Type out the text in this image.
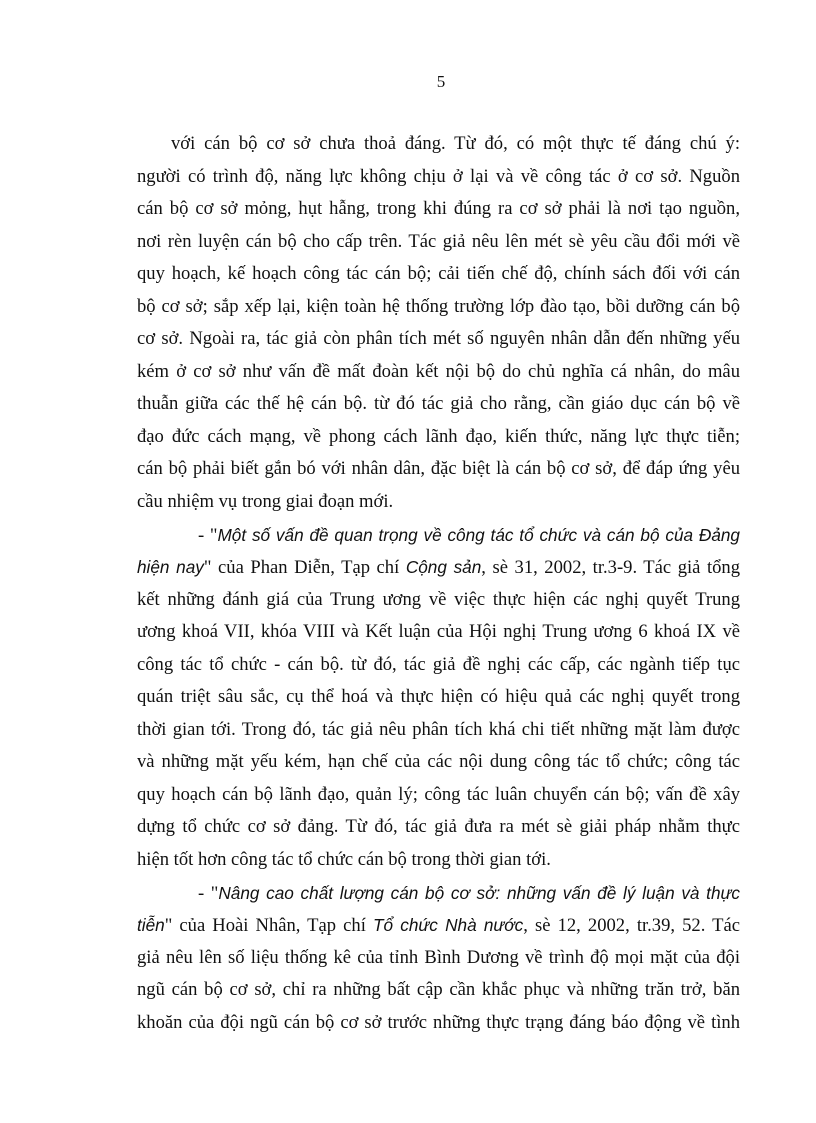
5
với cán bộ cơ sở chưa thoả đáng. Từ đó, có một thực tế đáng chú ý:
người có trình độ, năng lực không chịu ở lại và về công tác ở cơ sở. Nguồn
cán bộ cơ sở mỏng, hụt hẫng, trong khi đúng ra cơ sở phải là nơi tạo nguồn,
nơi rèn luyện cán bộ cho cấp trên. Tác giả nêu lên mét sè yêu cầu đổi mới về
quy hoạch, kế hoạch công tác cán bộ; cải tiến chế độ, chính sách đối với cán
bộ cơ sở; sắp xếp lại, kiện toàn hệ thống trường lớp đào tạo, bồi dưỡng cán bộ
cơ sở. Ngoài ra, tác giả còn phân tích mét số nguyên nhân dẫn đến những yếu
kém ở cơ sở như vấn đề mất đoàn kết nội bộ do chủ nghĩa cá nhân, do mâu
thuẫn giữa các thế hệ cán bộ. từ đó tác giả cho rằng, cần giáo dục cán bộ về
đạo đức cách mạng, về phong cách lãnh đạo, kiến thức, năng lực thực tiễn;
cán bộ phải biết gắn bó với nhân dân, đặc biệt là cán bộ cơ sở, để đáp ứng yêu
cầu nhiệm vụ trong giai đoạn mới.
- "Một số vấn đề quan trọng về công tác tổ chức và cán bộ của Đảng
hiện nay" của Phan Diễn, Tạp chí Cộng sản, sè 31, 2002, tr.3-9. Tác giả tổng
kết những đánh giá của Trung ương về việc thực hiện các nghị quyết Trung
ương khoá VII, khóa VIII và Kết luận của Hội nghị Trung ương 6 khoá IX về
công tác tổ chức - cán bộ. từ đó, tác giả đề nghị các cấp, các ngành tiếp tục
quán triệt sâu sắc, cụ thể hoá và thực hiện có hiệu quả các nghị quyết trong
thời gian tới. Trong đó, tác giả nêu phân tích khá chi tiết những mặt làm được
và những mặt yếu kém, hạn chế của các nội dung công tác tổ chức; công tác
quy hoạch cán bộ lãnh đạo, quản lý; công tác luân chuyển cán bộ; vấn đề xây
dựng tổ chức cơ sở đảng. Từ đó, tác giả đưa ra mét sè giải pháp nhằm thực
hiện tốt hơn công tác tổ chức cán bộ trong thời gian tới.
- "Nâng cao chất lượng cán bộ cơ sở: những vấn đề lý luận và thực
tiễn" của Hoài Nhân, Tạp chí Tổ chức Nhà nước, sè 12, 2002, tr.39, 52. Tác
giả nêu lên số liệu thống kê của tỉnh Bình Dương về trình độ mọi mặt của đội
ngũ cán bộ cơ sở, chỉ ra những bất cập cần khắc phục và những trăn trở, băn
khoăn của đội ngũ cán bộ cơ sở trước những thực trạng đáng báo động về tình
